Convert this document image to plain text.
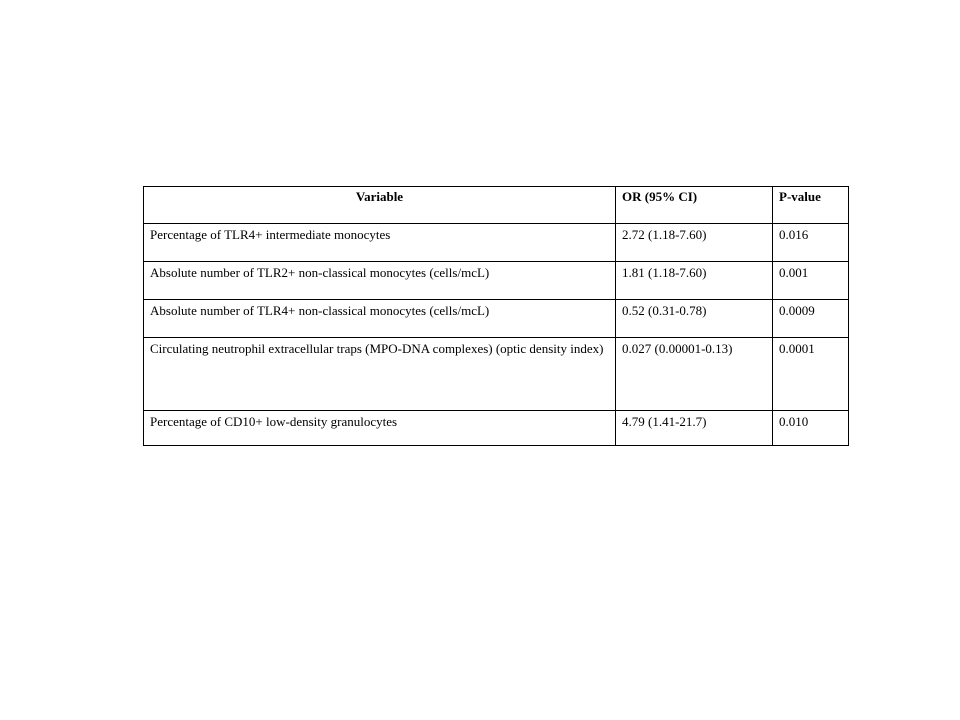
Variable	OR (95% CI)	P-value
Percentage of TLR4+ intermediate monocytes	2.72 (1.18-7.60)	0.016
Absolute number of TLR2+ non-classical monocytes (cells/mcL)	1.81 (1.18-7.60)	0.001
Absolute number of TLR4+ non-classical monocytes (cells/mcL)	0.52 (0.31-0.78)	0.0009
Circulating neutrophil extracellular traps (MPO-DNA complexes) (optic density index)	0.027 (0.00001-0.13)	0.0001
Percentage of CD10+ low-density granulocytes	4.79 (1.41-21.7)	0.010
